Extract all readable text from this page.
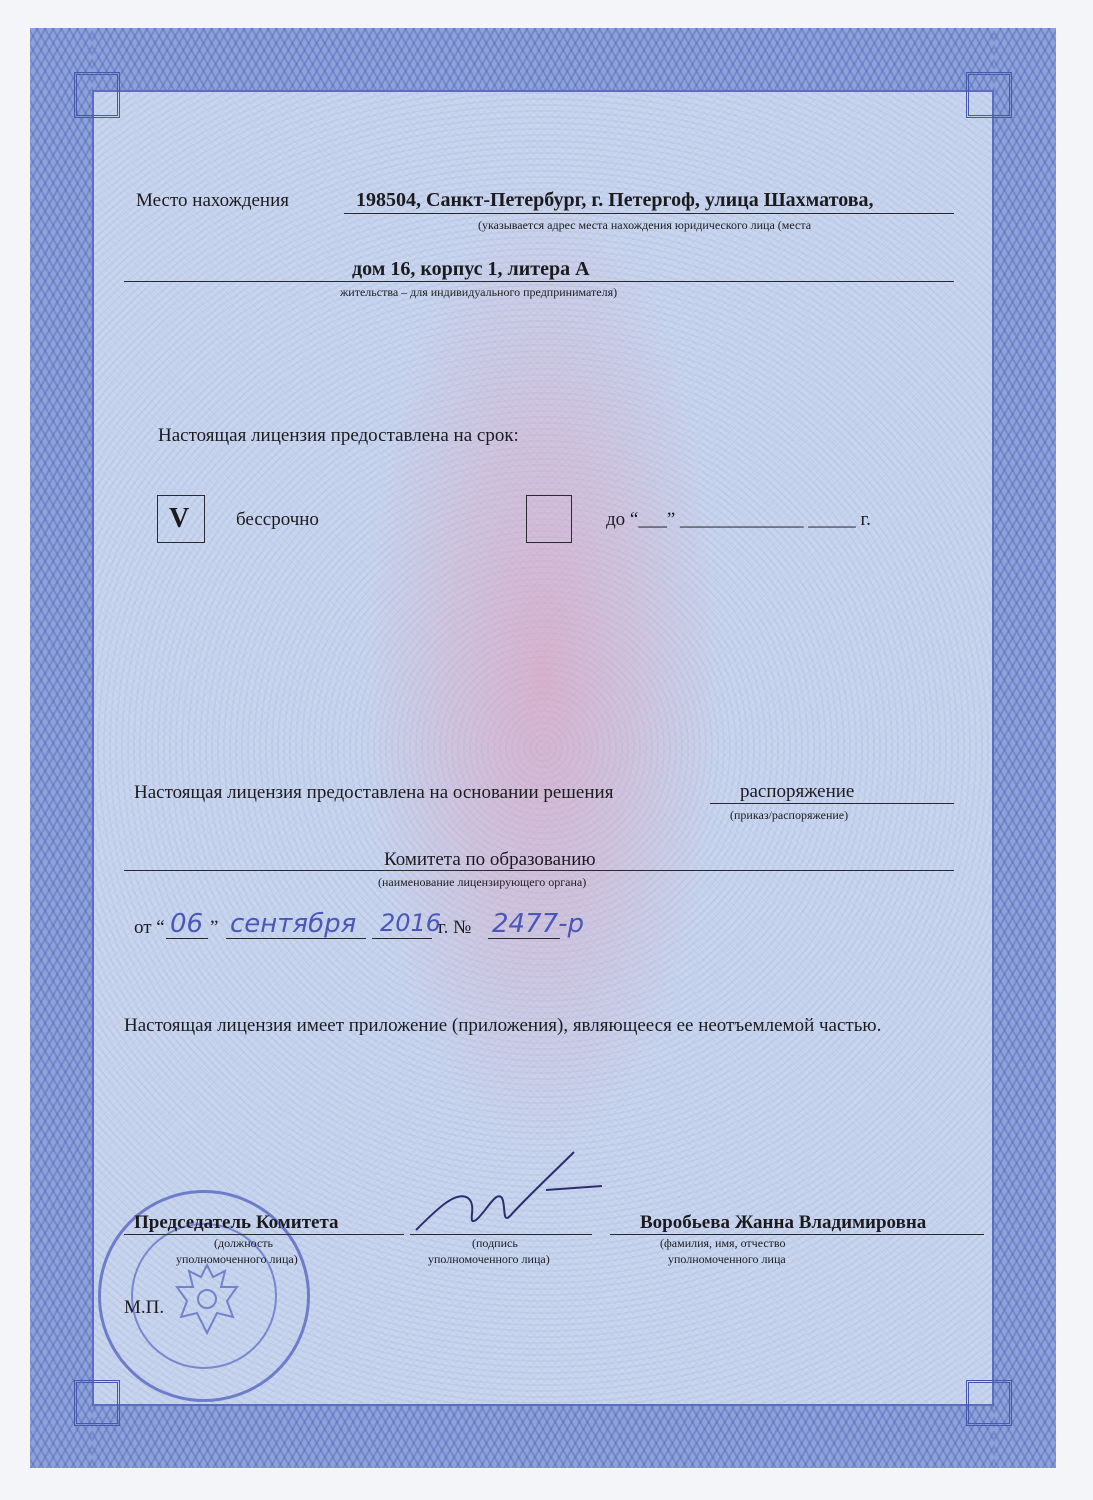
Место нахождения	198504, Санкт-Петербург, г. Петергоф, улица Шахматова,
(указывается адрес места нахождения юридического лица (места
дом 16, корпус 1, литера А
жительства – для индивидуального предпринимателя)
Настоящая лицензия предоставлена на срок:
V бессрочно	до “___” _____________ _____ г.
Настоящая лицензия предоставлена на основании решения	распоряжение
(приказ/распоряжение)
Комитета по образованию
(наименование лицензирующего органа)
от “ 06 ” сентября 2016
г. № 2477-р
Настоящая лицензия имеет приложение (приложения), являющееся ее неотъемлемой частью.
Председатель Комитета
(должность
уполномоченного лица)
(подпись
уполномоченного лица)
Воробьева Жанна Владимировна
(фамилия, имя, отчество
уполномоченного лица
М.П.
